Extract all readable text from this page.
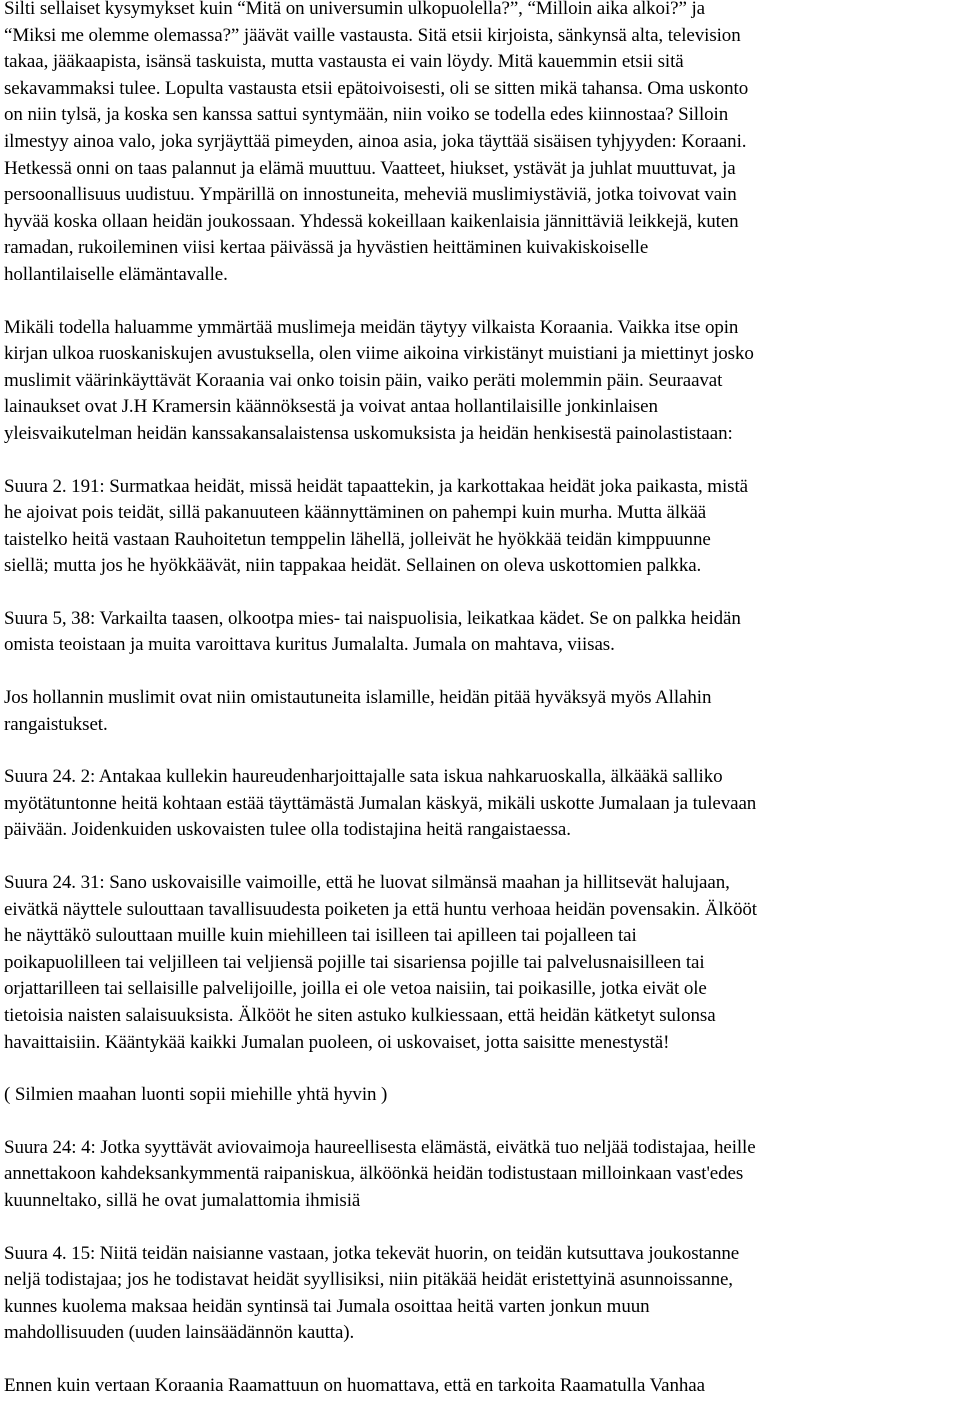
Silti sellaiset kysymykset kuin “Mitä on universumin ulkopuolella?”, “Milloin aika alkoi?” ja
“Miksi me olemme olemassa?” jäävät vaille vastausta. Sitä etsii kirjoista, sänkynsä alta, television
takaa, jääkaapista, isänsä taskuista, mutta vastausta ei vain löydy. Mitä kauemmin etsii sitä
sekavammaksi tulee. Lopulta vastausta etsii epätoivoisesti, oli se sitten mikä tahansa. Oma uskonto
on niin tylsä, ja koska sen kanssa sattui syntymään, niin voiko se todella edes kiinnostaa? Silloin
ilmestyy ainoa valo, joka syrjäyttää pimeyden, ainoa asia, joka täyttää sisäisen tyhjyyden: Koraani.
Hetkessä onni on taas palannut ja elämä muuttuu. Vaatteet, hiukset, ystävät ja juhlat muuttuvat, ja
persoonallisuus uudistuu. Ympärillä on innostuneita, meheviä muslimiystäviä, jotka toivovat vain
hyvää koska ollaan heidän joukossaan. Yhdessä kokeillaan kaikenlaisia jännittäviä leikkejä, kuten
ramadan, rukoileminen viisi kertaa päivässä ja hyvästien heittäminen kuivakiskoiselle
hollantilaiselle elämäntavalle.

Mikäli todella haluamme ymmärtää muslimeja meidän täytyy vilkaista Koraania. Vaikka itse opin
kirjan ulkoa ruoskaniskujen avustuksella, olen viime aikoina virkistänyt muistiani ja miettinyt josko
muslimit väärinkäyttävät Koraania vai onko toisin päin, vaiko peräti molemmin päin. Seuraavat
lainaukset ovat J.H Kramersin käännöksestä ja voivat antaa hollantilaisille jonkinlaisen
yleisvaikutelman heidän kanssakansalaistensa uskomuksista ja heidän henkisestä painolastistaan:

Suura 2. 191: Surmatkaa heidät, missä heidät tapaattekin, ja karkottakaa heidät joka paikasta, mistä
he ajoivat pois teidät, sillä pakanuuteen käännyttäminen on pahempi kuin murha. Mutta älkää
taistelko heitä vastaan Rauhoitetun temppelin lähellä, jolleivät he hyökkää teidän kimppuunne
siellä; mutta jos he hyökkäävät, niin tappakaa heidät. Sellainen on oleva uskottomien palkka.

Suura 5, 38: Varkailta taasen, olkootpa mies- tai naispuolisia, leikatkaa kädet. Se on palkka heidän
omista teoistaan ja muita varoittava kuritus Jumalalta. Jumala on mahtava, viisas.

Jos hollannin muslimit ovat niin omistautuneita islamille, heidän pitää hyväksyä myös Allahin
rangaistukset.

Suura 24. 2: Antakaa kullekin haureudenharjoittajalle sata iskua nahkaruoskalla, älkääkä salliko
myötätuntonne heitä kohtaan estää täyttämästä Jumalan käskyä, mikäli uskotte Jumalaan ja tulevaan
päivään. Joidenkuiden uskovaisten tulee olla todistajina heitä rangaistaessa.

Suura 24. 31: Sano uskovaisille vaimoille, että he luovat silmänsä maahan ja hillitsevät halujaan,
eivätkä näyttele sulouttaan tavallisuudesta poiketen ja että huntu verhoaa heidän povensakin. Älkööt
he näyttäkö sulouttaan muille kuin miehilleen tai isilleen tai apilleen tai pojalleen tai
poikapuolilleen tai veljilleen tai veljiensä pojille tai sisariensa pojille tai palvelusnaisilleen tai
orjattarilleen tai sellaisille palvelijoille, joilla ei ole vetoa naisiin, tai poikasille, jotka eivät ole
tietoisia naisten salaisuuksista. Älkööt he siten astuko kulkiessaan, että heidän kätketyt sulonsa
havaittaisiin. Kääntykää kaikki Jumalan puoleen, oi uskovaiset, jotta saisitte menestystä!

( Silmien maahan luonti sopii miehille yhtä hyvin )

Suura 24: 4: Jotka syyttävät aviovaimoja haureellisesta elämästä, eivätkä tuo neljää todistajaa, heille
annettakoon kahdeksankymmentä raipaniskua, älköönkä heidän todistustaan milloinkaan vast'edes
kuunneltako, sillä he ovat jumalattomia ihmisiä

Suura 4. 15: Niitä teidän naisianne vastaan, jotka tekevät huorin, on teidän kutsuttava joukostanne
neljä todistajaa; jos he todistavat heidät syyllisiksi, niin pitäkää heidät eristettyinä asunnoissanne,
kunnes kuolema maksaa heidän syntinsä tai Jumala osoittaa heitä varten jonkun muun
mahdollisuuden (uuden lainsäädännön kautta).

Ennen kuin vertaan Koraania Raamattuun on huomattava, että en tarkoita Raamatulla Vanhaa
